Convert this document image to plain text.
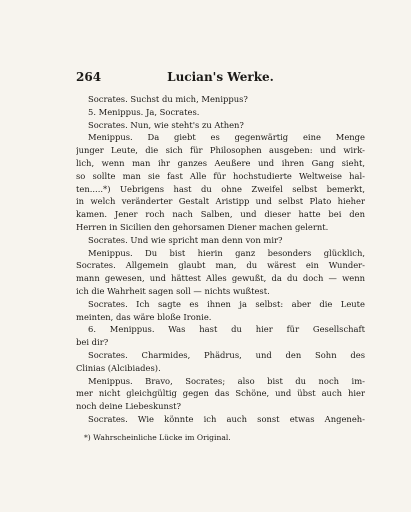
264	Lucian's Werke.
Socrates. Suchst du mich, Menippus?
5. Menippus. Ja, Socrates.
Socrates. Nun, wie steht's zu Athen?
Menippus. Da giebt es gegenwärtig eine Menge
junger Leute, die sich für Philosophen ausgeben: und wirk-
lich, wenn man ihr ganzes Aeußere und ihren Gang sieht,
so sollte man sie fast Alle für hochstudierte Weltweise hal-
ten.....*) Uebrigens hast du ohne Zweifel selbst bemerkt,
in welch veränderter Gestalt Aristipp und selbst Plato hieher
kamen. Jener roch nach Salben, und dieser hatte bei den
Herren in Sicilien den gehorsamen Diener machen gelernt.
Socrates. Und wie spricht man denn von mir?
Menippus. Du bist hierin ganz besonders glücklich,
Socrates. Allgemein glaubt man, du wärest ein Wunder-
mann gewesen, und hättest Alles gewußt, da du doch — wenn
ich die Wahrheit sagen soll — nichts wußtest.
Socrates. Ich sagte es ihnen ja selbst: aber die Leute
meinten, das wäre bloße Ironie.
6. Menippus. Was hast du hier für Gesellschaft
bei dir?
Socrates. Charmides, Phädrus, und den Sohn des
Clinias (Alcibiades).
Menippus. Bravo, Socrates; also bist du noch im-
mer nicht gleichgültig gegen das Schöne, und übst auch hier
noch deine Liebeskunst?
Socrates. Wie könnte ich auch sonst etwas Angeneh-
*) Wahrscheinliche Lücke im Original.
